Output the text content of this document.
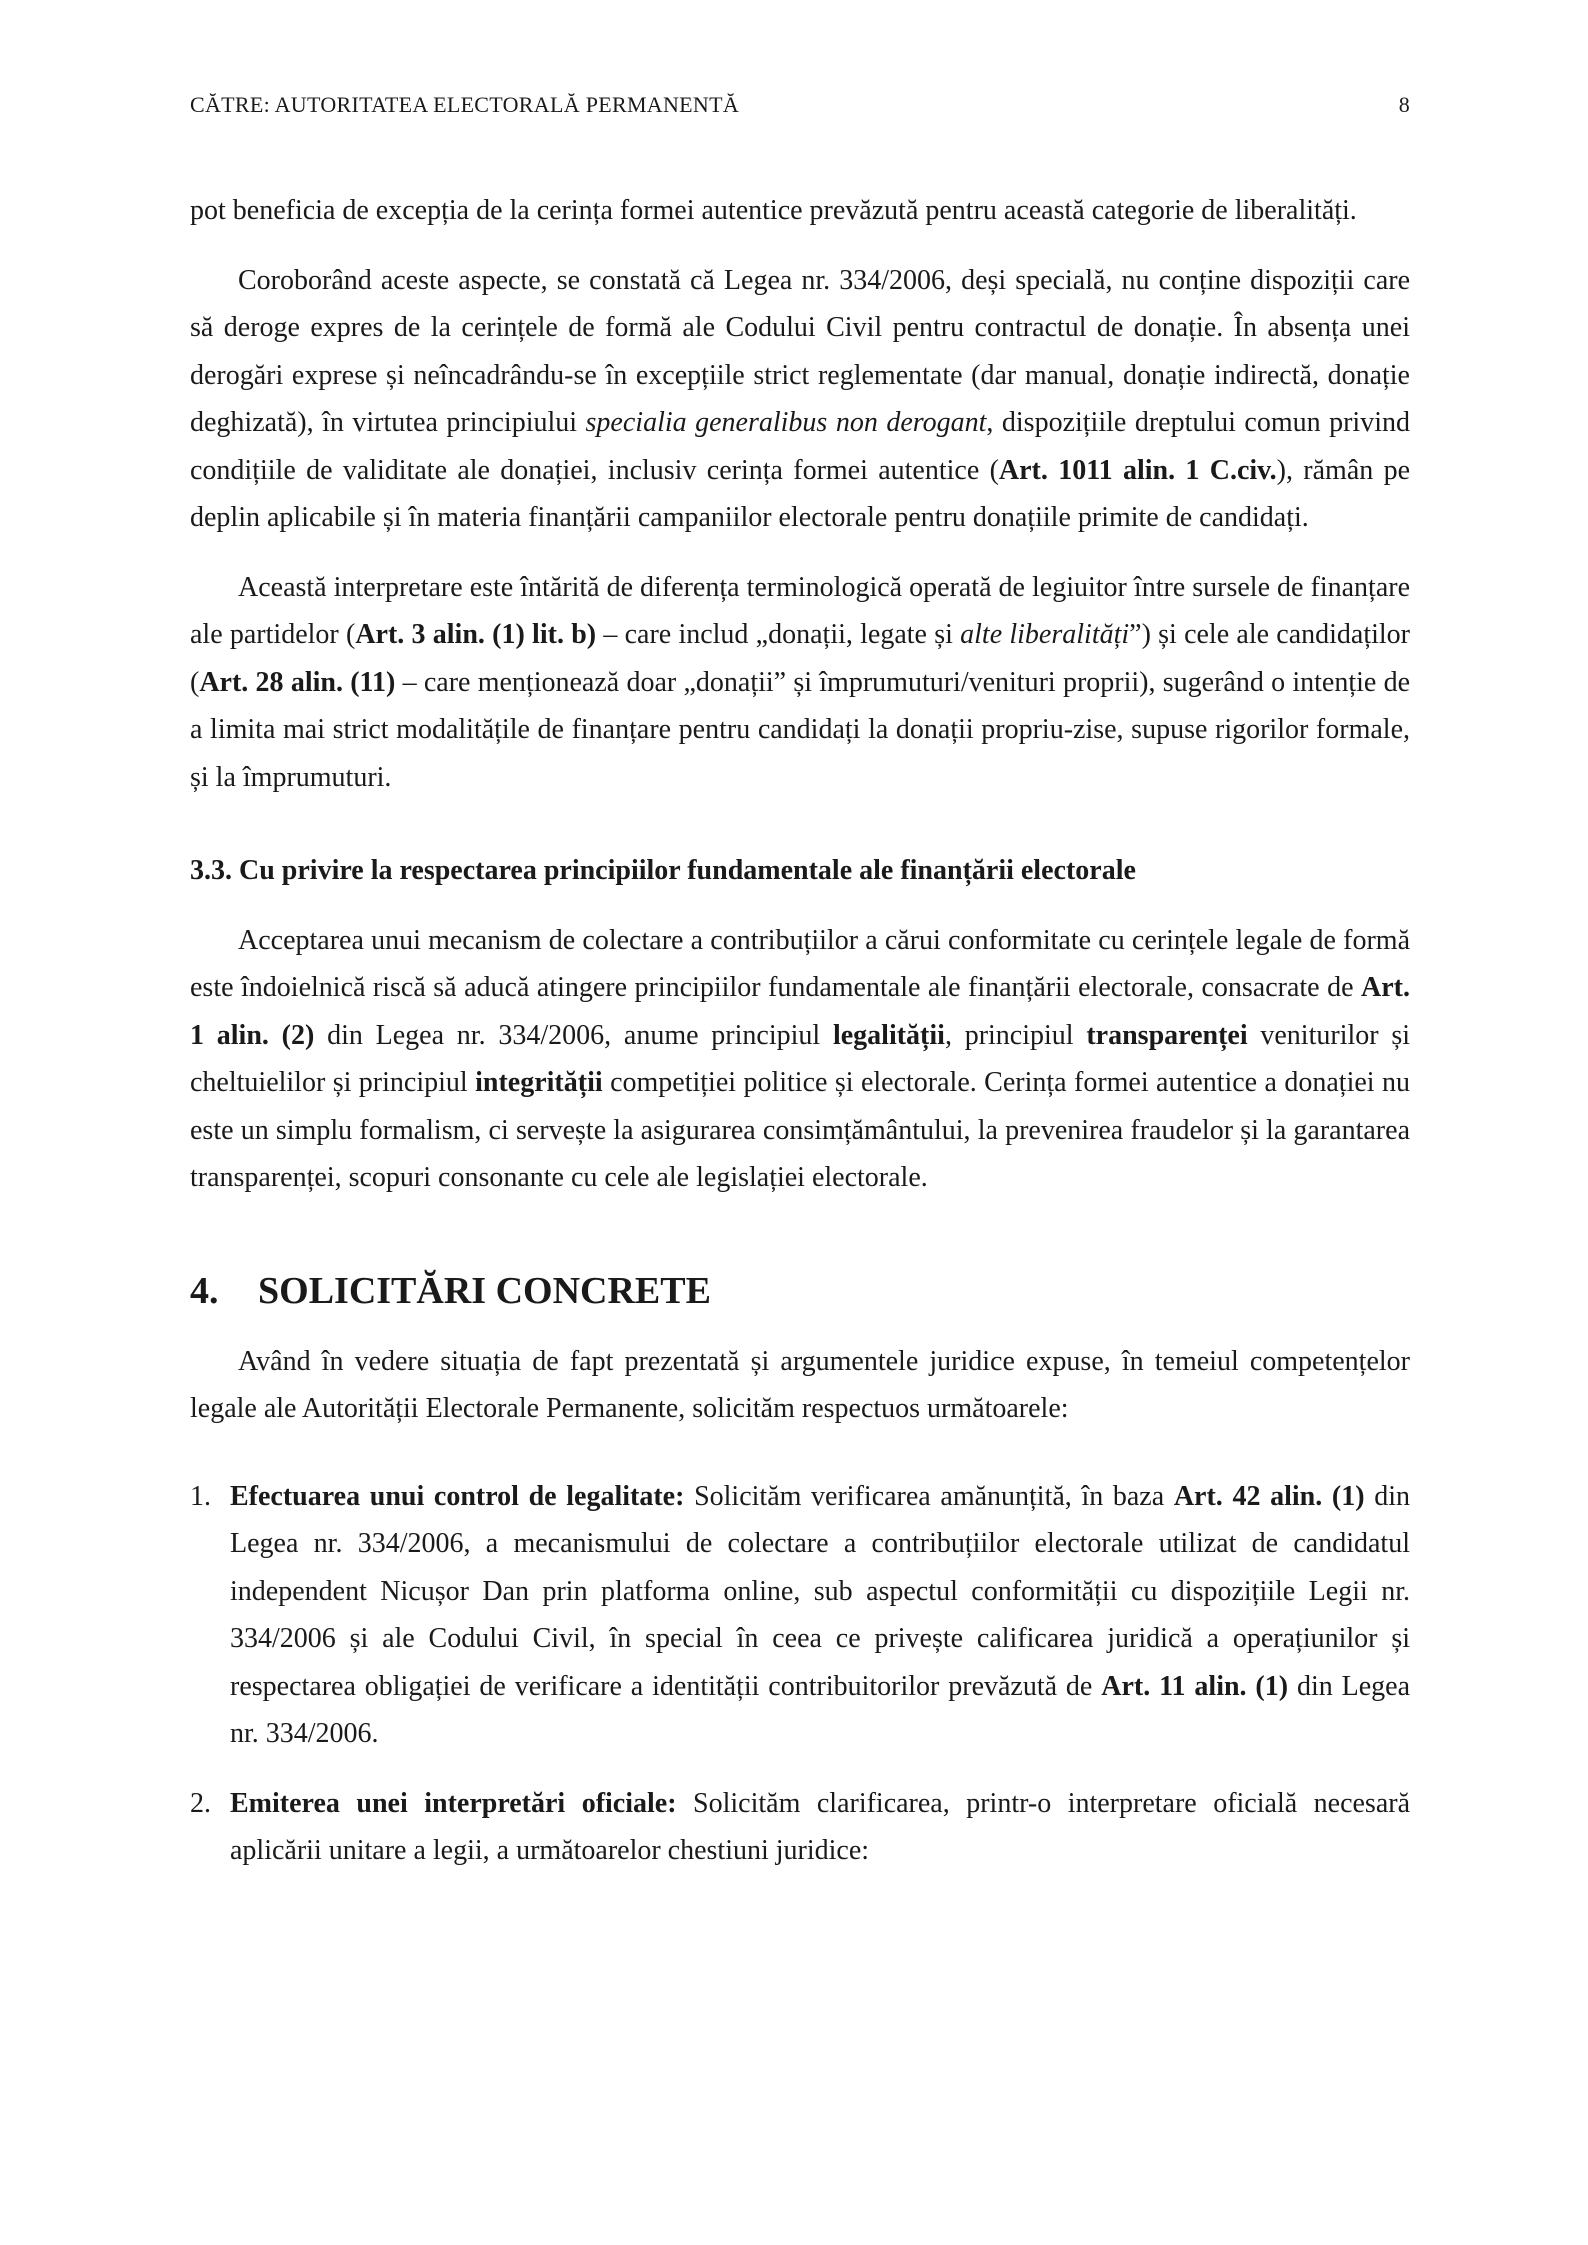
CĂTRE: AUTORITATEA ELECTORALĂ PERMANENTĂ	8

pot beneficia de excepția de la cerința formei autentice prevăzută pentru această categorie de liberalități.

Coroborând aceste aspecte, se constată că Legea nr. 334/2006, deși specială, nu conține dispoziții care să deroge expres de la cerințele de formă ale Codului Civil pentru contractul de donație. În absența unei derogări exprese și neîncadrându-se în excepțiile strict reglementate (dar manual, donație indirectă, donație deghizată), în virtutea principiului specialia generalibus non derogant, dispozițiile dreptului comun privind condițiile de validitate ale donației, inclusiv cerința formei autentice (Art. 1011 alin. 1 C.civ.), rămân pe deplin aplicabile și în materia finanțării campaniilor electorale pentru donațiile primite de candidați.

Această interpretare este întărită de diferența terminologică operată de legiuitor între sursele de finanțare ale partidelor (Art. 3 alin. (1) lit. b) – care includ „donații, legate și alte liberalități”) și cele ale candidaților (Art. 28 alin. (11) – care menționează doar „donații” și împrumuturi/venituri proprii), sugerând o intenție de a limita mai strict modalitățile de finanțare pentru candidați la donații propriu-zise, supuse rigorilor formale, și la împrumuturi.

3.3. Cu privire la respectarea principiilor fundamentale ale finanțării electorale

Acceptarea unui mecanism de colectare a contribuțiilor a cărui conformitate cu cerințele legale de formă este îndoielnică riscă să aducă atingere principiilor fundamentale ale finanțării electorale, consacrate de Art. 1 alin. (2) din Legea nr. 334/2006, anume principiul legalității, principiul transparenței veniturilor și cheltuielilor și principiul integrității competiției politice și electorale. Cerința formei autentice a donației nu este un simplu formalism, ci servește la asigurarea consimțământului, la prevenirea fraudelor și la garantarea transparenței, scopuri consonante cu cele ale legislației electorale.

4.	SOLICITĂRI CONCRETE

Având în vedere situația de fapt prezentată și argumentele juridice expuse, în temeiul competențelor legale ale Autorității Electorale Permanente, solicităm respectuos următoarele:

1. Efectuarea unui control de legalitate: Solicităm verificarea amănunțită, în baza Art. 42 alin. (1) din Legea nr. 334/2006, a mecanismului de colectare a contribuțiilor electorale utilizat de candidatul independent Nicușor Dan prin platforma online, sub aspectul conformității cu dispozițiile Legii nr. 334/2006 și ale Codului Civil, în special în ceea ce privește calificarea juridică a operațiunilor și respectarea obligației de verificare a identității contribuitorilor prevăzută de Art. 11 alin. (1) din Legea nr. 334/2006.
2. Emiterea unei interpretări oficiale: Solicităm clarificarea, printr-o interpretare oficială necesară aplicării unitare a legii, a următoarelor chestiuni juridice:
